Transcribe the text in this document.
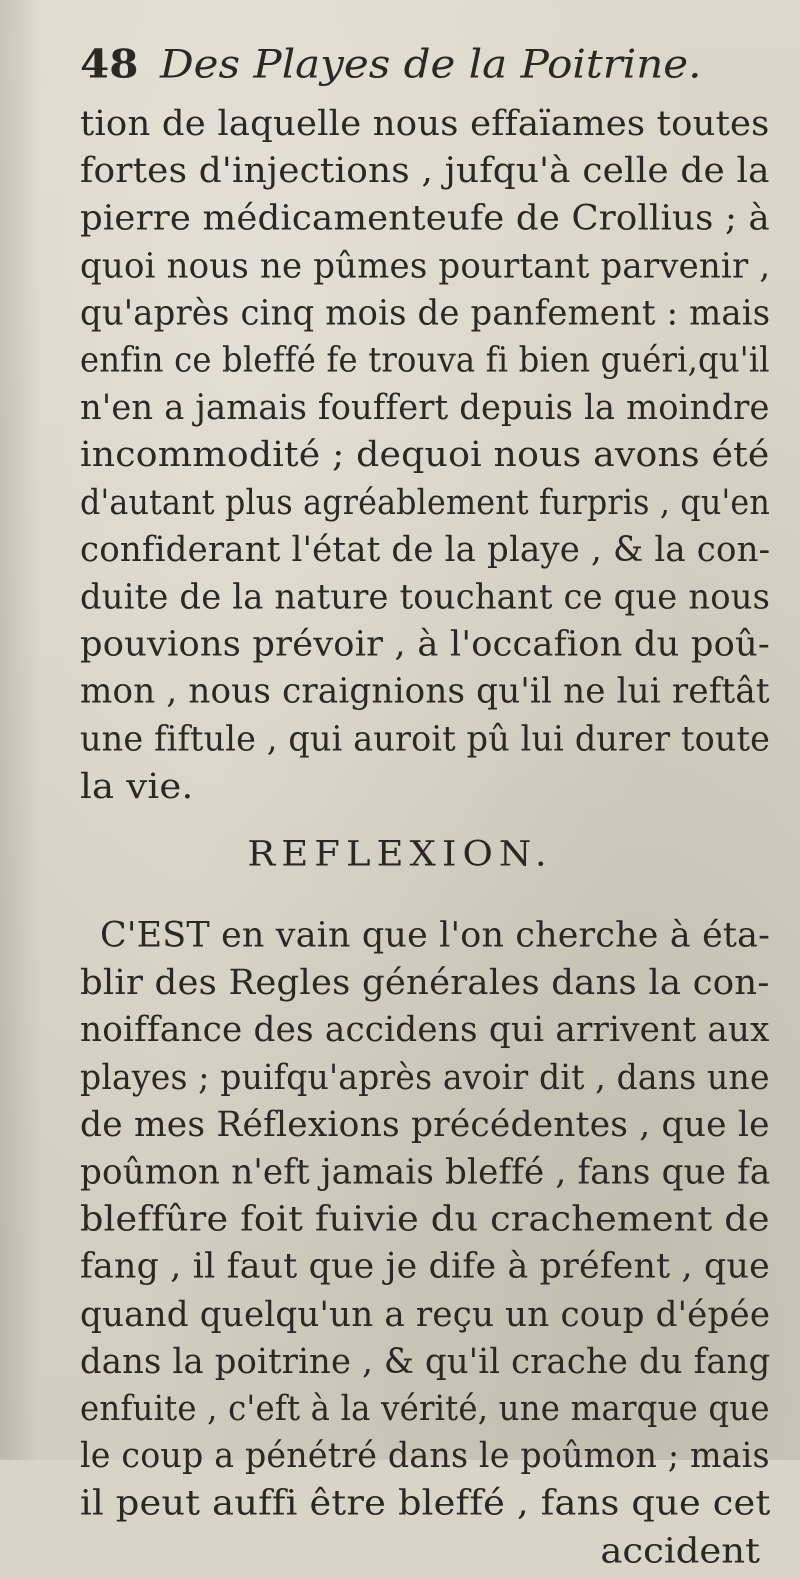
48 Des Playes de la Poitrine.
tion de laquelle nous effaïames toutes
fortes d'injections , jufqu'à celle de la
pierre médicamenteufe de Crollius ; à
quoi nous ne pûmes pourtant parvenir ,
qu'après cinq mois de panfement : mais
enfin ce bleffé fe trouva fi bien guéri,qu'il
n'en a jamais fouffert depuis la moindre
incommodité ; dequoi nous avons été
d'autant plus agréablement furpris , qu'en
confiderant l'état de la playe , & la con-
duite de la nature touchant ce que nous
pouvions prévoir , à l'occafion du poû-
mon , nous craignions qu'il ne lui reftât
une fiftule , qui auroit pû lui durer toute
la vie.
REFLEXION.
C'EST en vain que l'on cherche à éta-
blir des Regles générales dans la con-
noiffance des accidens qui arrivent aux
playes ; puifqu'après avoir dit , dans une
de mes Réflexions précédentes , que le
poûmon n'eft jamais bleffé , fans que fa
bleffûre foit fuivie du crachement de
fang , il faut que je dife à préfent , que
quand quelqu'un a reçu un coup d'épée
dans la poitrine , & qu'il crache du fang
enfuite , c'eft à la vérité, une marque que
le coup a pénétré dans le poûmon ; mais
il peut auffi être bleffé , fans que cet
accident
